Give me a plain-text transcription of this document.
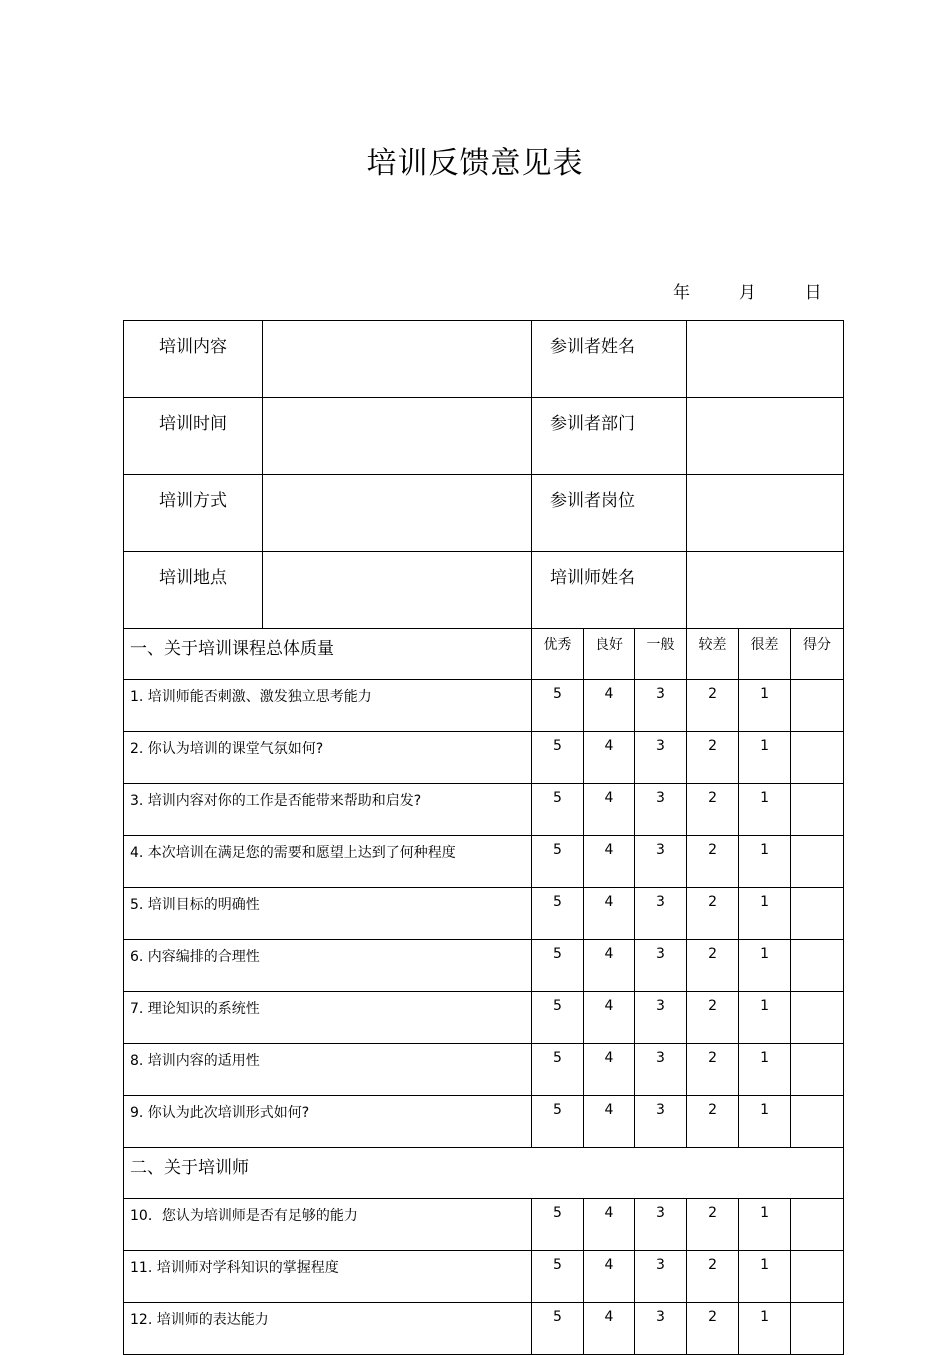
培训反馈意见表
年	月	日
培训内容		参训者姓名					
培训时间		参训者部门					
培训方式		参训者岗位					
培训地点		培训师姓名					
一、关于培训课程总体质量		优秀	良好	一般	较差	很差	得分
1. 培训师能否刺激、激发独立思考能力		5	4	3	2	1	
2. 你认为培训的课堂气氛如何?		5	4	3	2	1	
3. 培训内容对你的工作是否能带来帮助和启发?		5	4	3	2	1	
4. 本次培训在满足您的需要和愿望上达到了何种程度		5	4	3	2	1	
5. 培训目标的明确性		5	4	3	2	1	
6. 内容编排的合理性		5	4	3	2	1	
7. 理论知识的系统性		5	4	3	2	1	
8. 培训内容的适用性		5	4	3	2	1	
9. 你认为此次培训形式如何?		5	4	3	2	1	
二、关于培训师							
10．您认为培训师是否有足够的能力		5	4	3	2	1	
11. 培训师对学科知识的掌握程度		5	4	3	2	1	
12. 培训师的表达能力		5	4	3	2	1	
